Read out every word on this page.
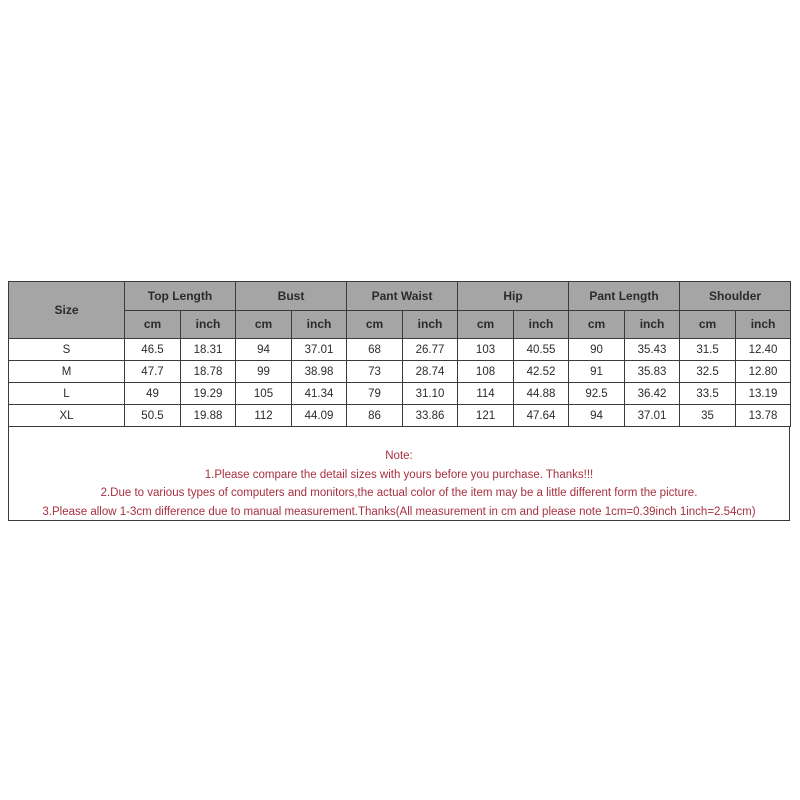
Size	Top Length		Bust		Pant Waist		Hip		Pant Length		Shoulder	
	cm	inch	cm	inch	cm	inch	cm	inch	cm	inch	cm	inch
S	46.5	18.31	94	37.01	68	26.77	103	40.55	90	35.43	31.5	12.40
M	47.7	18.78	99	38.98	73	28.74	108	42.52	91	35.83	32.5	12.80
L	49	19.29	105	41.34	79	31.10	114	44.88	92.5	36.42	33.5	13.19
XL	50.5	19.88	112	44.09	86	33.86	121	47.64	94	37.01	35	13.78
Note:
1.Please compare the detail sizes with yours before you purchase. Thanks!!!
2.Due to various types of computers and monitors,the actual color of the item may be a little different form the picture.
3.Please allow 1-3cm difference due to manual measurement.Thanks(All measurement in cm and please note 1cm=0.39inch 1inch=2.54cm)
